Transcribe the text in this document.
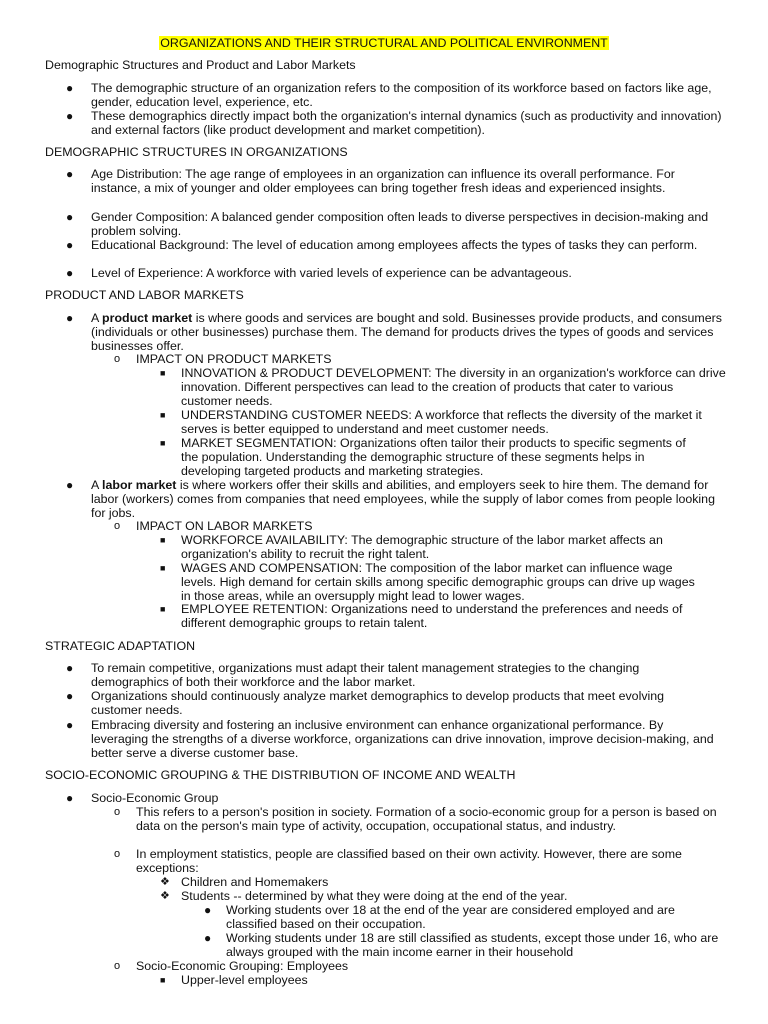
ORGANIZATIONS AND THEIR STRUCTURAL AND POLITICAL ENVIRONMENT
Demographic Structures and Product and Labor Markets
● The demographic structure of an organization refers to the composition of its workforce based on factors like age, gender, education level, experience, etc.
● These demographics directly impact both the organization's internal dynamics (such as productivity and innovation) and external factors (like product development and market competition).
DEMOGRAPHIC STRUCTURES IN ORGANIZATIONS
● Age Distribution: The age range of employees in an organization can influence its overall performance. For instance, a mix of younger and older employees can bring together fresh ideas and experienced insights.
● Gender Composition: A balanced gender composition often leads to diverse perspectives in decision-making and problem solving.
● Educational Background: The level of education among employees affects the types of tasks they can perform.
● Level of Experience: A workforce with varied levels of experience can be advantageous.
PRODUCT AND LABOR MARKETS
● A product market is where goods and services are bought and sold. Businesses provide products, and consumers (individuals or other businesses) purchase them. The demand for products drives the types of goods and services businesses offer.
o IMPACT ON PRODUCT MARKETS
■ INNOVATION & PRODUCT DEVELOPMENT: The diversity in an organization's workforce can drive innovation. Different perspectives can lead to the creation of products that cater to various customer needs.
■ UNDERSTANDING CUSTOMER NEEDS: A workforce that reflects the diversity of the market it serves is better equipped to understand and meet customer needs.
■ MARKET SEGMENTATION: Organizations often tailor their products to specific segments of the population. Understanding the demographic structure of these segments helps in developing targeted products and marketing strategies.
● A labor market is where workers offer their skills and abilities, and employers seek to hire them. The demand for labor (workers) comes from companies that need employees, while the supply of labor comes from people looking for jobs.
o IMPACT ON LABOR MARKETS
■ WORKFORCE AVAILABILITY: The demographic structure of the labor market affects an organization's ability to recruit the right talent.
■ WAGES AND COMPENSATION: The composition of the labor market can influence wage levels. High demand for certain skills among specific demographic groups can drive up wages in those areas, while an oversupply might lead to lower wages.
■ EMPLOYEE RETENTION: Organizations need to understand the preferences and needs of different demographic groups to retain talent.
STRATEGIC ADAPTATION
● To remain competitive, organizations must adapt their talent management strategies to the changing demographics of both their workforce and the labor market.
● Organizations should continuously analyze market demographics to develop products that meet evolving customer needs.
● Embracing diversity and fostering an inclusive environment can enhance organizational performance. By leveraging the strengths of a diverse workforce, organizations can drive innovation, improve decision-making, and better serve a diverse customer base.
SOCIO-ECONOMIC GROUPING & THE DISTRIBUTION OF INCOME AND WEALTH
● Socio-Economic Group
o This refers to a person's position in society. Formation of a socio-economic group for a person is based on data on the person's main type of activity, occupation, occupational status, and industry.
o In employment statistics, people are classified based on their own activity. However, there are some exceptions:
❖ Children and Homemakers
❖ Students -- determined by what they were doing at the end of the year.
● Working students over 18 at the end of the year are considered employed and are classified based on their occupation.
● Working students under 18 are still classified as students, except those under 16, who are always grouped with the main income earner in their household
o Socio-Economic Grouping: Employees
■ Upper-level employees
